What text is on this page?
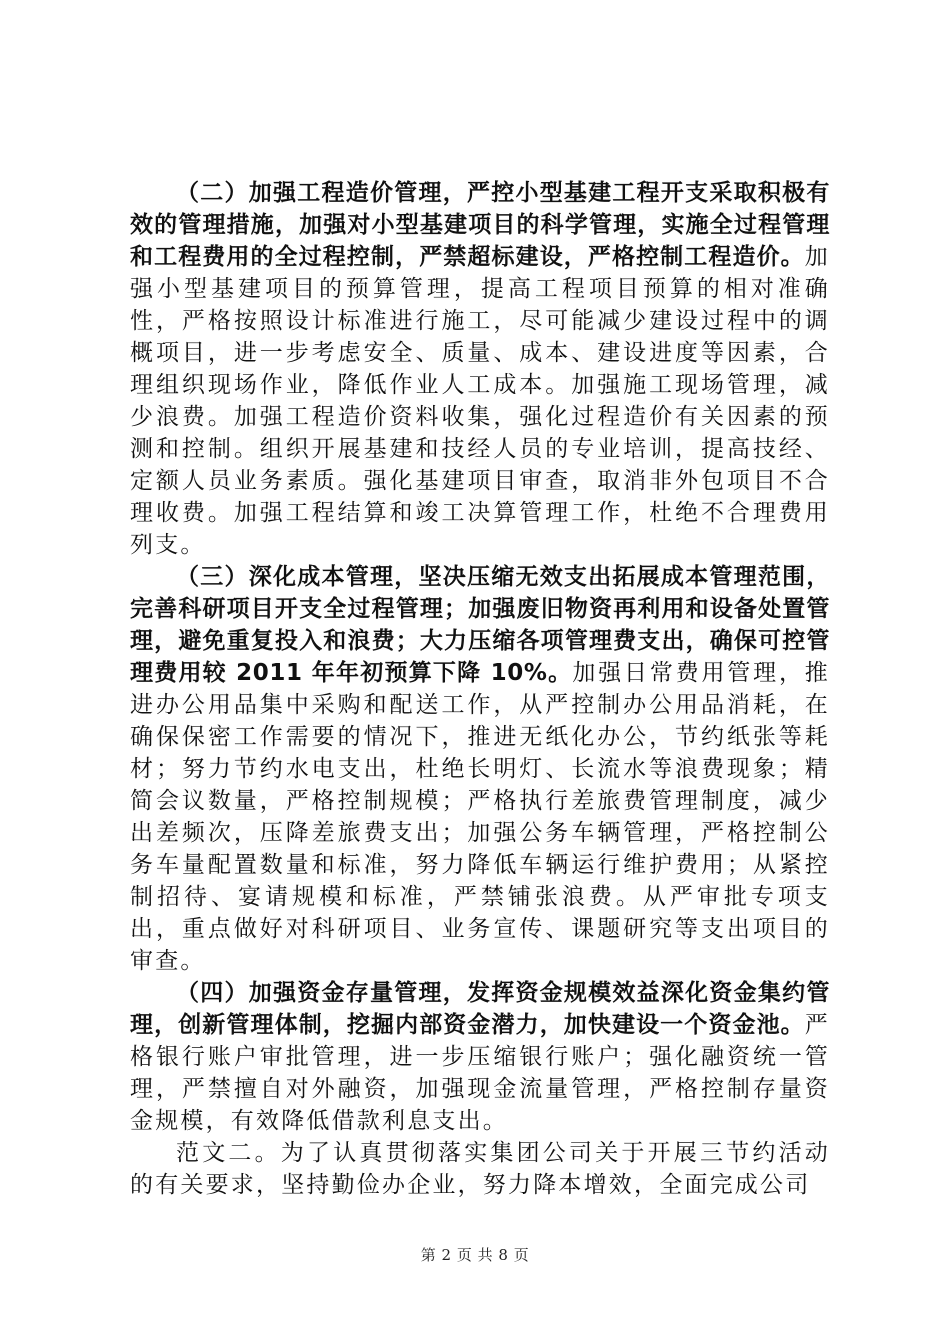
（二）加强工程造价管理，严控小型基建工程开支采取积极有效的管理措施，加强对小型基建项目的科学管理，实施全过程管理和工程费用的全过程控制，严禁超标建设，严格控制工程造价。加强小型基建项目的预算管理，提高工程项目预算的相对准确性，严格按照设计标准进行施工，尽可能减少建设过程中的调概项目，进一步考虑安全、质量、成本、建设进度等因素，合理组织现场作业，降低作业人工成本。加强施工现场管理，减少浪费。加强工程造价资料收集，强化过程造价有关因素的预测和控制。组织开展基建和技经人员的专业培训，提高技经、定额人员业务素质。强化基建项目审查，取消非外包项目不合理收费。加强工程结算和竣工决算管理工作，杜绝不合理费用列支。

（三）深化成本管理，坚决压缩无效支出拓展成本管理范围，完善科研项目开支全过程管理；加强废旧物资再利用和设备处置管理，避免重复投入和浪费；大力压缩各项管理费支出，确保可控管理费用较 2011 年年初预算下降 10%。加强日常费用管理，推进办公用品集中采购和配送工作，从严控制办公用品消耗，在确保保密工作需要的情况下，推进无纸化办公，节约纸张等耗材；努力节约水电支出，杜绝长明灯、长流水等浪费现象；精简会议数量，严格控制规模；严格执行差旅费管理制度，减少出差频次，压降差旅费支出；加强公务车辆管理，严格控制公务车量配置数量和标准，努力降低车辆运行维护费用；从紧控制招待、宴请规模和标准，严禁铺张浪费。从严审批专项支出，重点做好对科研项目、业务宣传、课题研究等支出项目的审查。

（四）加强资金存量管理，发挥资金规模效益深化资金集约管理，创新管理体制，挖掘内部资金潜力，加快建设一个资金池。严格银行账户审批管理，进一步压缩银行账户；强化融资统一管理，严禁擅自对外融资，加强现金流量管理，严格控制存量资金规模，有效降低借款利息支出。

范文二。为了认真贯彻落实集团公司关于开展三节约活动的有关要求，坚持勤俭办企业，努力降本增效，全面完成公司

第 2 页 共 8 页
